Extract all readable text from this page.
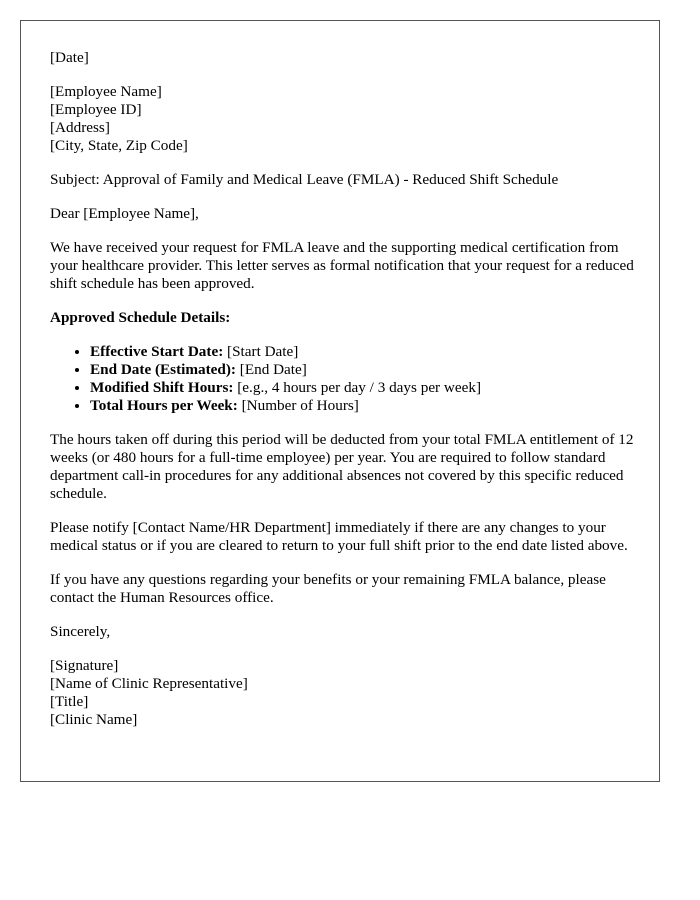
[Date]

[Employee Name]
[Employee ID]
[Address]
[City, State, Zip Code]

Subject: Approval of Family and Medical Leave (FMLA) - Reduced Shift Schedule

Dear [Employee Name],

We have received your request for FMLA leave and the supporting medical certification from your healthcare provider. This letter serves as formal notification that your request for a reduced shift schedule has been approved.

Approved Schedule Details:

• Effective Start Date: [Start Date]
• End Date (Estimated): [End Date]
• Modified Shift Hours: [e.g., 4 hours per day / 3 days per week]
• Total Hours per Week: [Number of Hours]

The hours taken off during this period will be deducted from your total FMLA entitlement of 12 weeks (or 480 hours for a full-time employee) per year. You are required to follow standard department call-in procedures for any additional absences not covered by this specific reduced schedule.

Please notify [Contact Name/HR Department] immediately if there are any changes to your medical status or if you are cleared to return to your full shift prior to the end date listed above.

If you have any questions regarding your benefits or your remaining FMLA balance, please contact the Human Resources office.

Sincerely,

[Signature]
[Name of Clinic Representative]
[Title]
[Clinic Name]
